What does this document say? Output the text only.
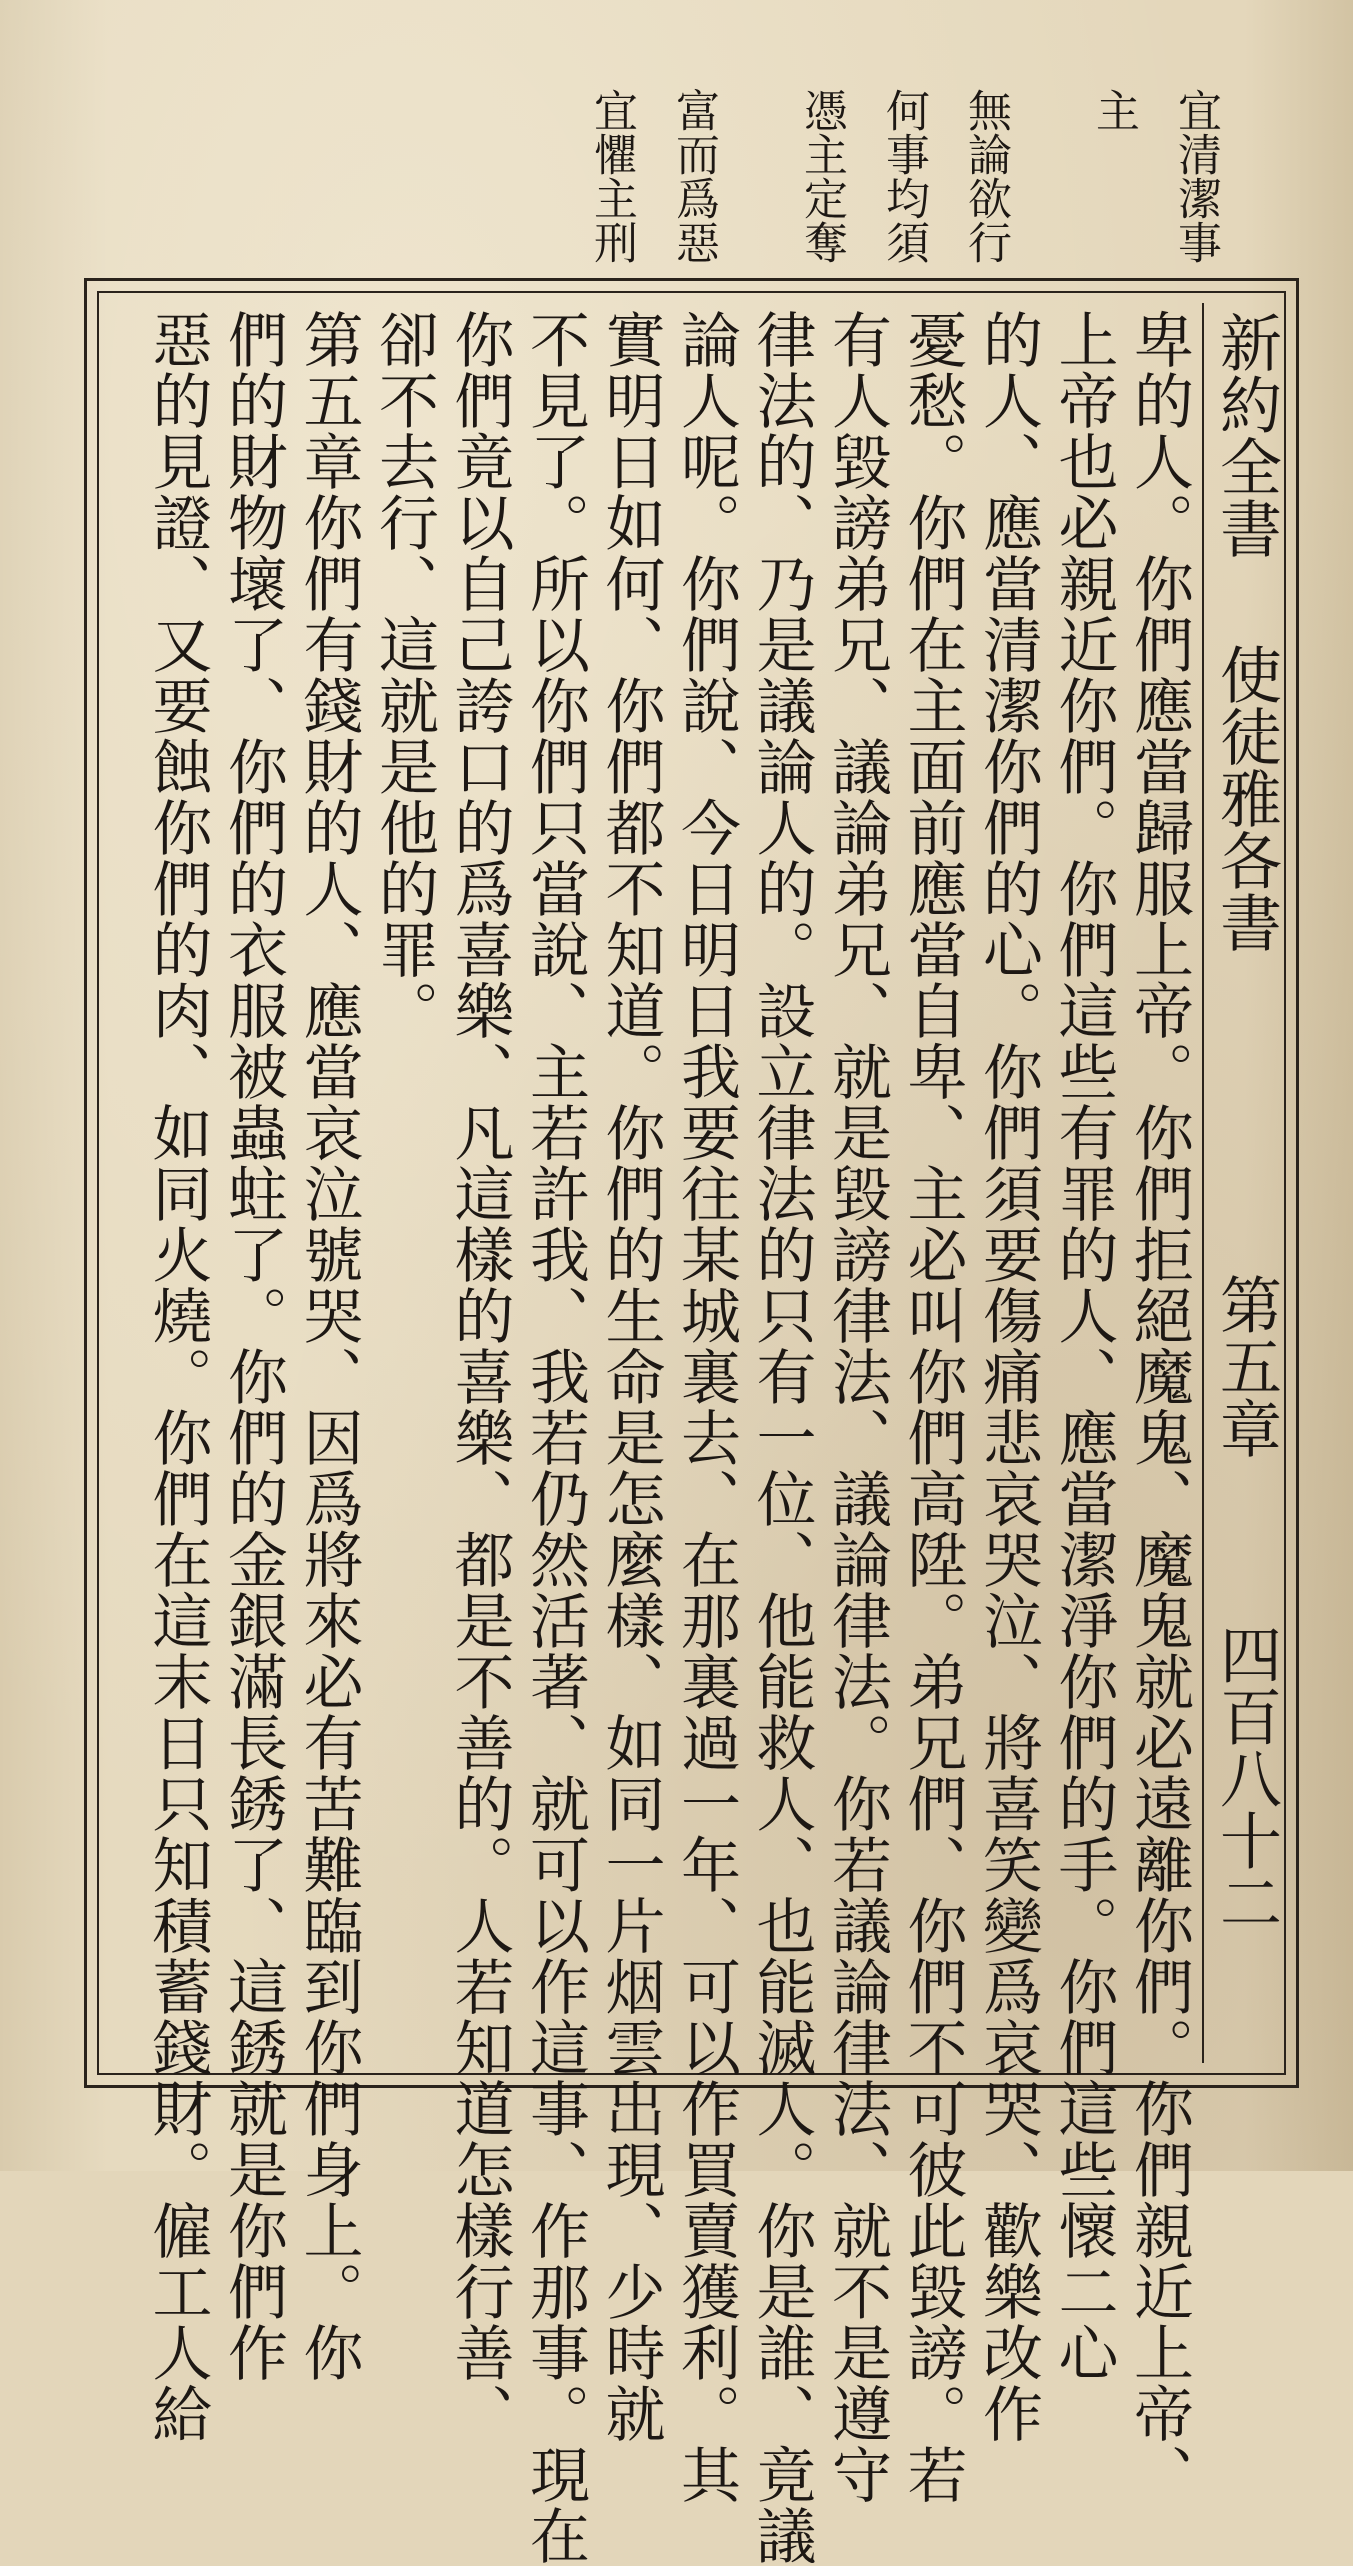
宜清潔事
主
無論欲行
何事均須
憑主定奪
富而爲惡
宜懼主刑
新約全書
使徒雅各書
第五章
四百八十二
卑的人。你們應當歸服上帝。你們拒絕魔鬼、魔鬼就必遠離你們。你們親近上帝、
上帝也必親近你們。你們這些有罪的人、應當潔淨你們的手。你們這些懷二心
的人、應當清潔你們的心。你們須要傷痛悲哀哭泣、將喜笑變爲哀哭、歡樂改作
憂愁。你們在主面前應當自卑、主必叫你們高陞。弟兄們、你們不可彼此毀謗。若
有人毀謗弟兄、議論弟兄、就是毀謗律法、議論律法。你若議論律法、就不是遵守
律法的、乃是議論人的。設立律法的只有一位、他能救人、也能滅人。你是誰、竟議
論人呢。你們說、今日明日我要往某城裏去、在那裏過一年、可以作買賣獲利。其
實明日如何、你們都不知道。你們的生命是怎麼樣、如同一片烟雲出現、少時就
不見了。所以你們只當說、主若許我、我若仍然活著、就可以作這事、作那事。現在
你們竟以自己誇口的爲喜樂、凡這樣的喜樂、都是不善的。人若知道怎樣行善、
卻不去行、這就是他的罪。
第五章你們有錢財的人、應當哀泣號哭、因爲將來必有苦難臨到你們身上。你
們的財物壞了、你們的衣服被蟲蛀了。你們的金銀滿長銹了、這銹就是你們作
惡的見證、又要蝕你們的肉、如同火燒。你們在這末日只知積蓄錢財。僱工人給
